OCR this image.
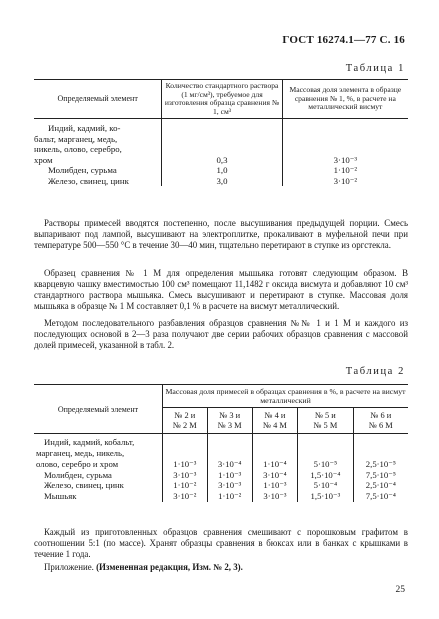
ГОСТ 16274.1—77 С. 16
Таблица 1
Определяемый элемент	Количество стандартного раствора (1 мг/см³), требуемое для изготовления образца сравнения № 1, см³	Массовая доля элемента в образце сравнения № 1, %, в расчете на металлический висмут

Индий, кадмий, ко-
бальт, марганец, медь,
никель, олово, серебро,
хром	0,3	3·10⁻³
Молибден, сурьма	1,0	1·10⁻²
Железо, свинец, цинк	3,0	3·10⁻²

Растворы примесей вводятся постепенно, после высушивания предыдущей порции. Смесь выпаривают под лампой, высушивают на электроплитке, прокаливают в муфельной печи при температуре 500—550 °С в течение 30—40 мин, тщательно перетирают в ступке из оргстекла.

Образец сравнения № 1 М для определения мышьяка готовят следующим образом. В кварцевую чашку вместимостью 100 см³ помещают 11,1482 г оксида висмута и добавляют 10 см³ стандартного раствора мышьяка. Смесь высушивают и перетирают в ступке. Массовая доля мышьяка в образце № 1 М составляет 0,1 % в расчете на висмут металлический.

Методом последовательного разбавления образцов сравнения №№ 1 и 1 М и каждого из последующих основой в 2—3 раза получают две серии рабочих образцов сравнения с массовой долей примесей, указанной в табл. 2.

Таблица 2
Определяемый элемент	Массовая доля примесей в образцах сравнения в %, в расчете на висмут металлический				
	№ 2 и
№ 2 М	№ 3 и
№ 3 М	№ 4 и
№ 4 М	№ 5 и
№ 5 М	№ 6 и
№ 6 М

Индий, кадмий, кобальт,
марганец, медь, никель,
олово, серебро и хром	1·10⁻³	3·10⁻⁴	1·10⁻⁴	5·10⁻⁵	2,5·10⁻⁵
Молибден, сурьма	3·10⁻³	1·10⁻³	3·10⁻⁴	1,5·10⁻⁴	7,5·10⁻⁵
Железо, свинец, цинк	1·10⁻²	3·10⁻³	1·10⁻³	5·10⁻⁴	2,5·10⁻⁴
Мышьяк	3·10⁻²	1·10⁻²	3·10⁻³	1,5·10⁻³	7,5·10⁻⁴

Каждый из приготовленных образцов сравнения смешивают с порошковым графитом в соотношении 5:1 (по массе). Хранят образцы сравнения в бюксах или в банках с крышками в течение 1 года.

Приложение. (Измененная редакция, Изм. № 2, 3).

25
